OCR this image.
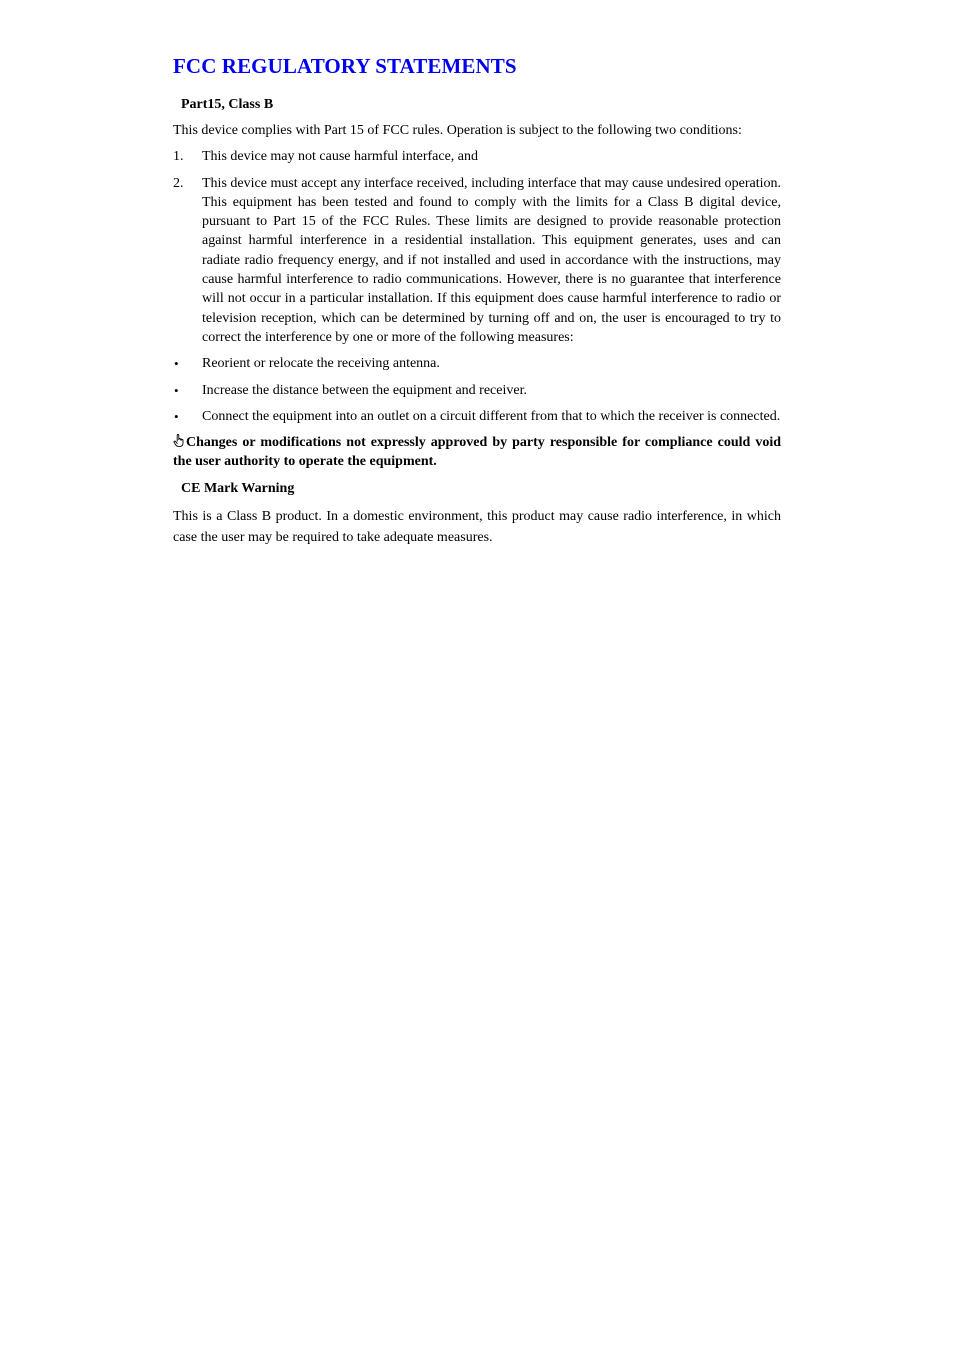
FCC REGULATORY STATEMENTS
Part15, Class B

This device complies with Part 15 of FCC rules. Operation is subject to the following two conditions:

1. This device may not cause harmful interface, and
2. This device must accept any interface received, including interface that may cause undesired operation. This equipment has been tested and found to comply with the limits for a Class B digital device, pursuant to Part 15 of the FCC Rules. These limits are designed to provide reasonable protection against harmful interference in a residential installation. This equipment generates, uses and can radiate radio frequency energy, and if not installed and used in accordance with the instructions, may cause harmful interference to radio communications. However, there is no guarantee that interference will not occur in a particular installation. If this equipment does cause harmful interference to radio or television reception, which can be determined by turning off and on, the user is encouraged to try to correct the interference by one or more of the following measures:
• Reorient or relocate the receiving antenna.
• Increase the distance between the equipment and receiver.
• Connect the equipment into an outlet on a circuit different from that to which the receiver is connected.

Changes or modifications not expressly approved by party responsible for compliance could void the user authority to operate the equipment.

CE Mark Warning

This is a Class B product. In a domestic environment, this product may cause radio interference, in which case the user may be required to take adequate measures.
